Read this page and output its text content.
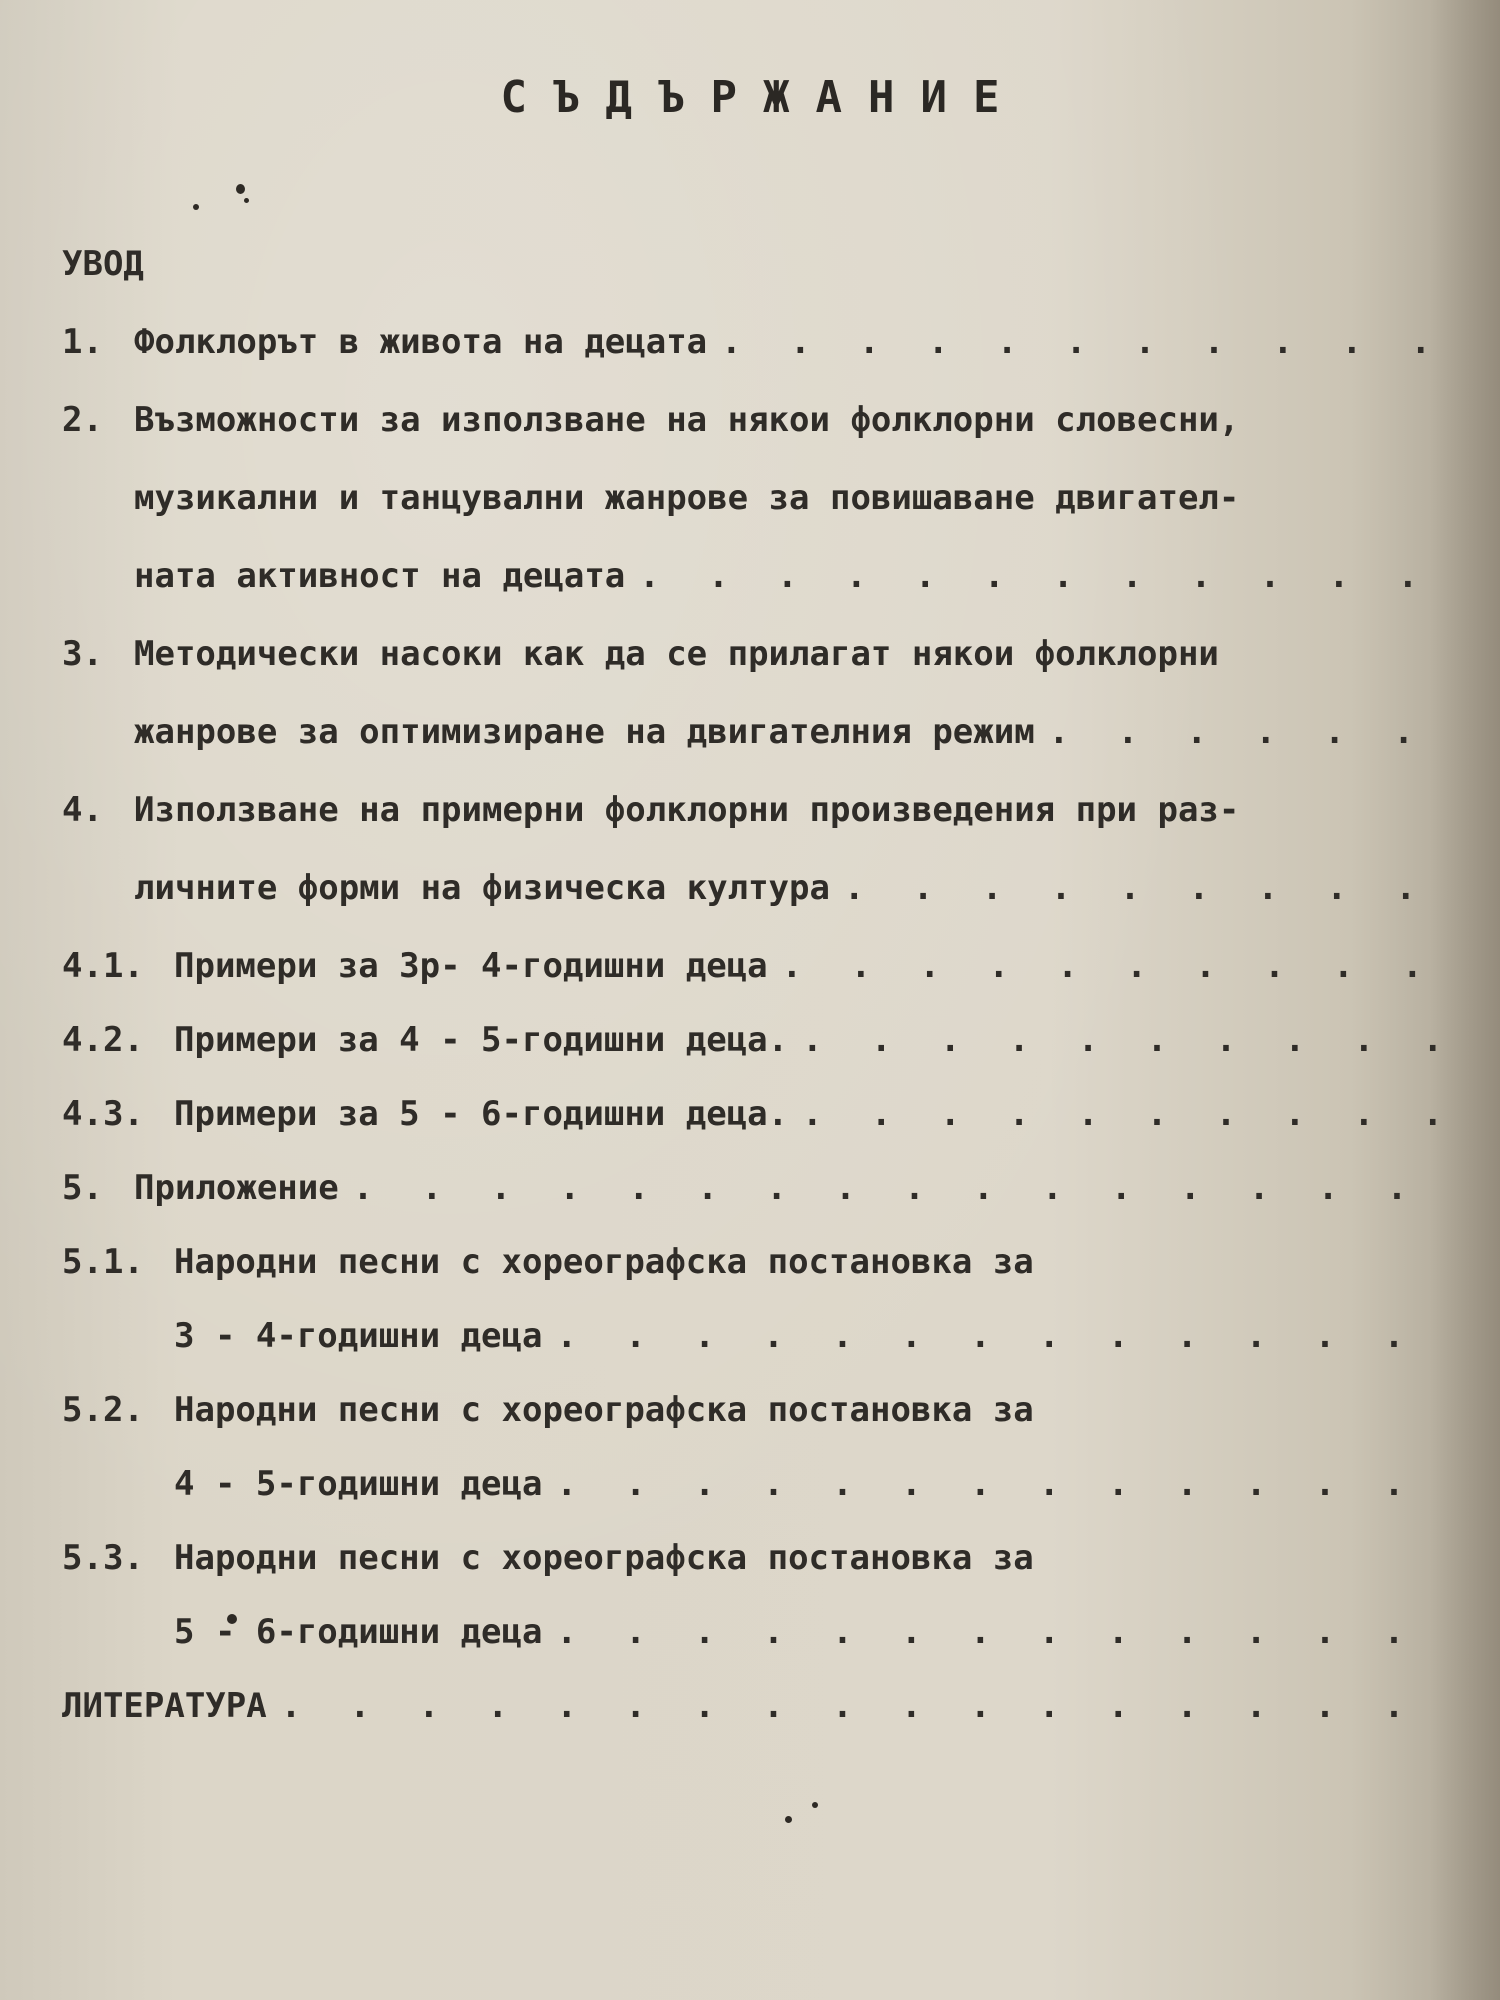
СЪДЪРЖАНИЕ
УВОД
1. Фолклорът в живота на децата
. . .
2. Възможности за използване на някои фолклорни словесни,
музикални и танцувални жанрове за повишаване двигател-
ната активност на децата
. . .
3. Методически насоки как да се прилагат някои фолклорни
жанрове за оптимизиране на двигателния режим
. . .
4. Използване на примерни фолклорни произведения при раз-
личните форми на физическа култура
. . .
4.1. Примери за 3р- 4-годишни деца
. . .
4.2. Примери за 4 - 5-годишни деца.
. . .
4.3. Примери за 5 - 6-годишни деца.
. . .
5. Приложение
. . .
5.1. Народни песни с хореографска постановка за
3 - 4-годишни деца
. . .
5.2. Народни песни с хореографска постановка за
4 - 5-годишни деца
. . .
5.3. Народни песни с хореографска постановка за
5 - 6-годишни деца
. . .
ЛИТЕРАТУРА
. . .
